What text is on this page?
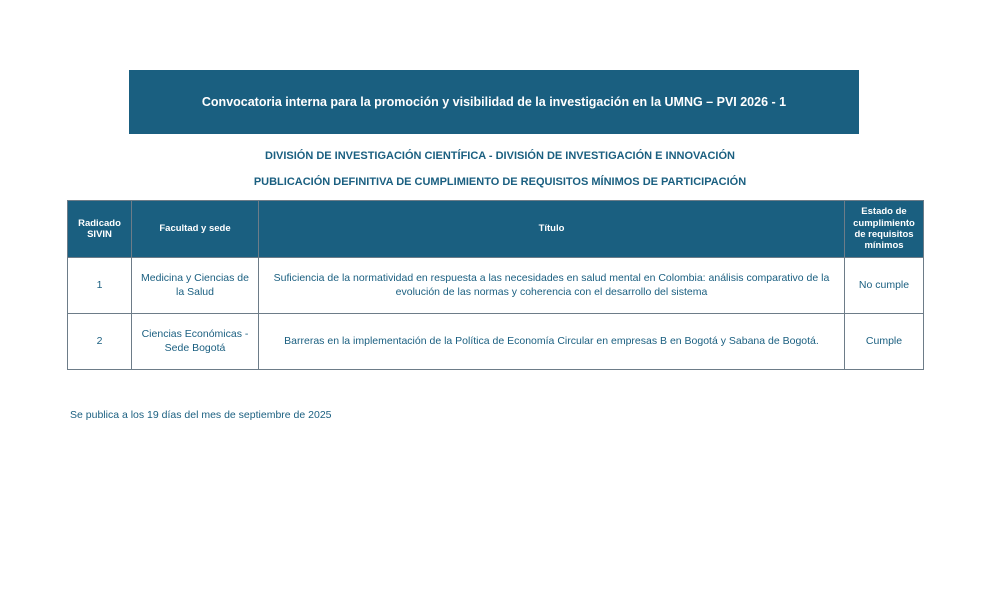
Convocatoria interna para la promoción y visibilidad de la investigación en la UMNG – PVI 2026 - 1
DIVISIÓN DE INVESTIGACIÓN CIENTÍFICA - DIVISIÓN DE INVESTIGACIÓN E INNOVACIÓN
PUBLICACIÓN DEFINITIVA DE CUMPLIMIENTO DE REQUISITOS MÍNIMOS DE PARTICIPACIÓN
Radicado SIVIN	Facultad y sede	Título	Estado de cumplimiento de requisitos mínimos
1	Medicina y Ciencias de la Salud	Suficiencia de la normatividad en respuesta a las necesidades en salud mental en Colombia: análisis comparativo de la evolución de las normas y coherencia con el desarrollo del sistema	No cumple
2	Ciencias Económicas - Sede Bogotá	Barreras en la implementación de la Política de Economía Circular en empresas B en Bogotá y Sabana de Bogotá.	Cumple
Se publica a los 19 días del mes de septiembre de 2025
